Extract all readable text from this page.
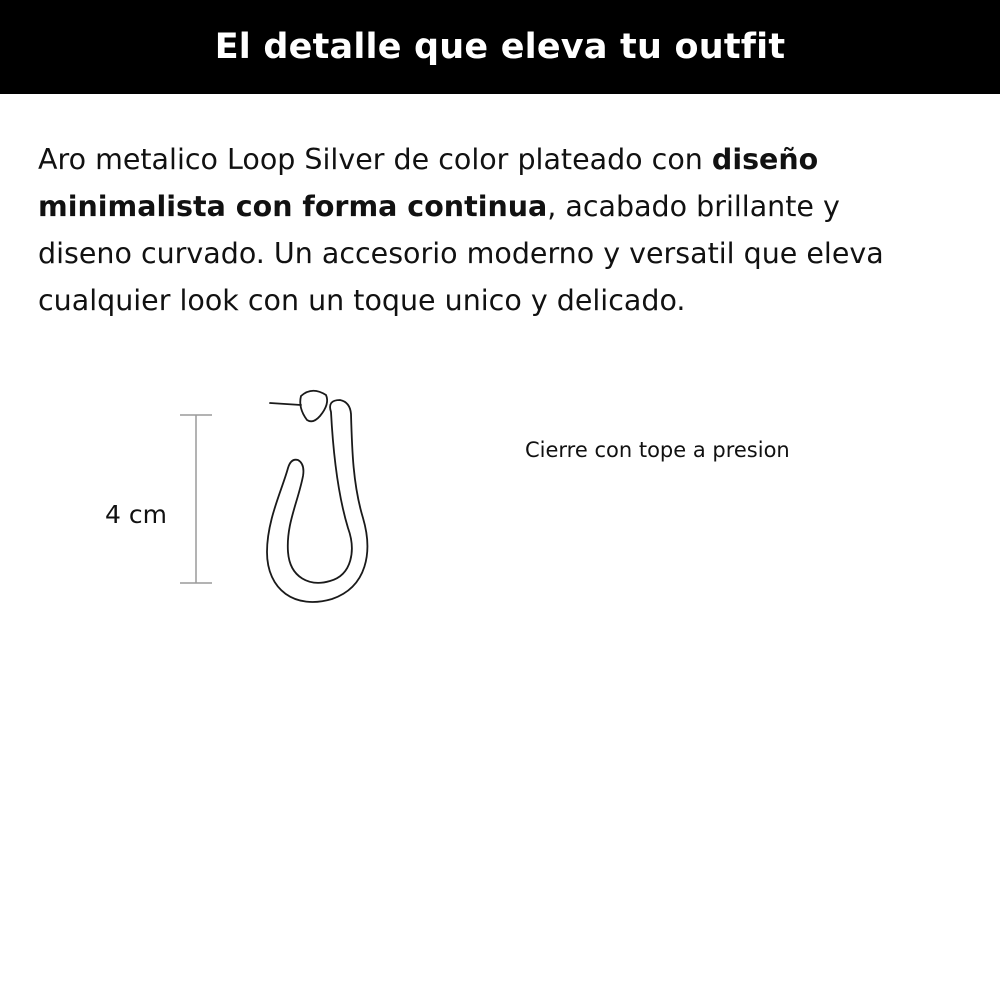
El detalle que eleva tu outfit

Aro metalico Loop Silver de color plateado con diseño minimalista con forma continua, acabado brillante y diseno curvado. Un accesorio moderno y versatil que eleva cualquier look con un toque unico y delicado.

4 cm
Cierre con tope a presion
